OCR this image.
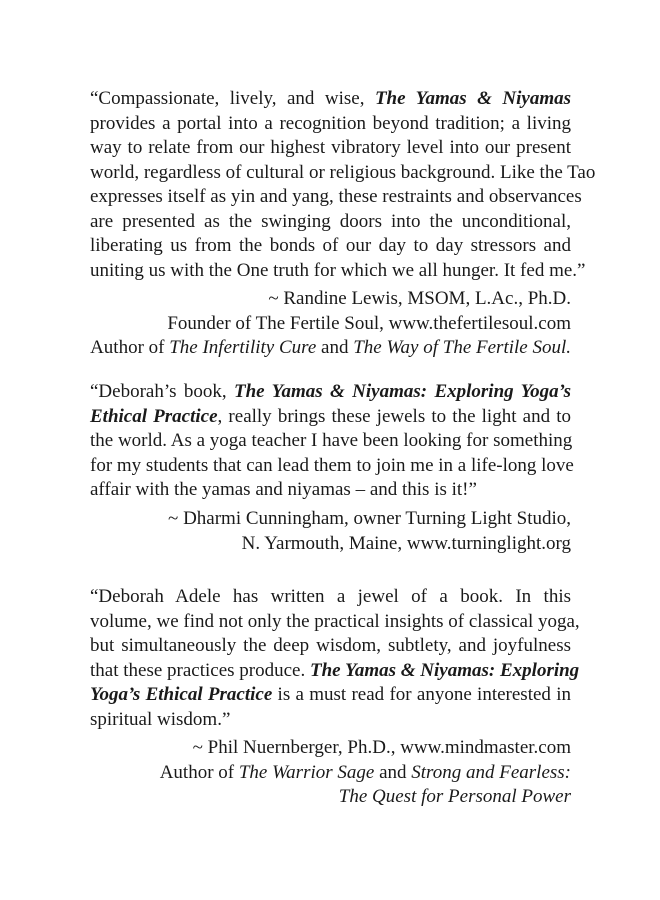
“Compassionate, lively, and wise, The Yamas & Niyamas
provides a portal into a recognition beyond tradition; a living
way to relate from our highest vibratory level into our present
world, regardless of cultural or religious background. Like the Tao
expresses itself as yin and yang, these restraints and observances
are presented as the swinging doors into the unconditional,
liberating us from the bonds of our day to day stressors and
uniting us with the One truth for which we all hunger. It fed me.”
~ Randine Lewis, MSOM, L.Ac., Ph.D.
Founder of The Fertile Soul, www.thefertilesoul.com
Author of The Infertility Cure and The Way of The Fertile Soul.
“Deborah’s book, The Yamas & Niyamas: Exploring Yoga’s
Ethical Practice, really brings these jewels to the light and to
the world. As a yoga teacher I have been looking for something
for my students that can lead them to join me in a life-long love
affair with the yamas and niyamas – and this is it!”
~ Dharmi Cunningham, owner Turning Light Studio,
N. Yarmouth, Maine, www.turninglight.org
“Deborah Adele has written a jewel of a book. In this
volume, we find not only the practical insights of classical yoga,
but simultaneously the deep wisdom, subtlety, and joyfulness
that these practices produce. The Yamas & Niyamas: Exploring
Yoga’s Ethical Practice is a must read for anyone interested in
spiritual wisdom.”
~ Phil Nuernberger, Ph.D., www.mindmaster.com
Author of The Warrior Sage and Strong and Fearless:
The Quest for Personal Power
